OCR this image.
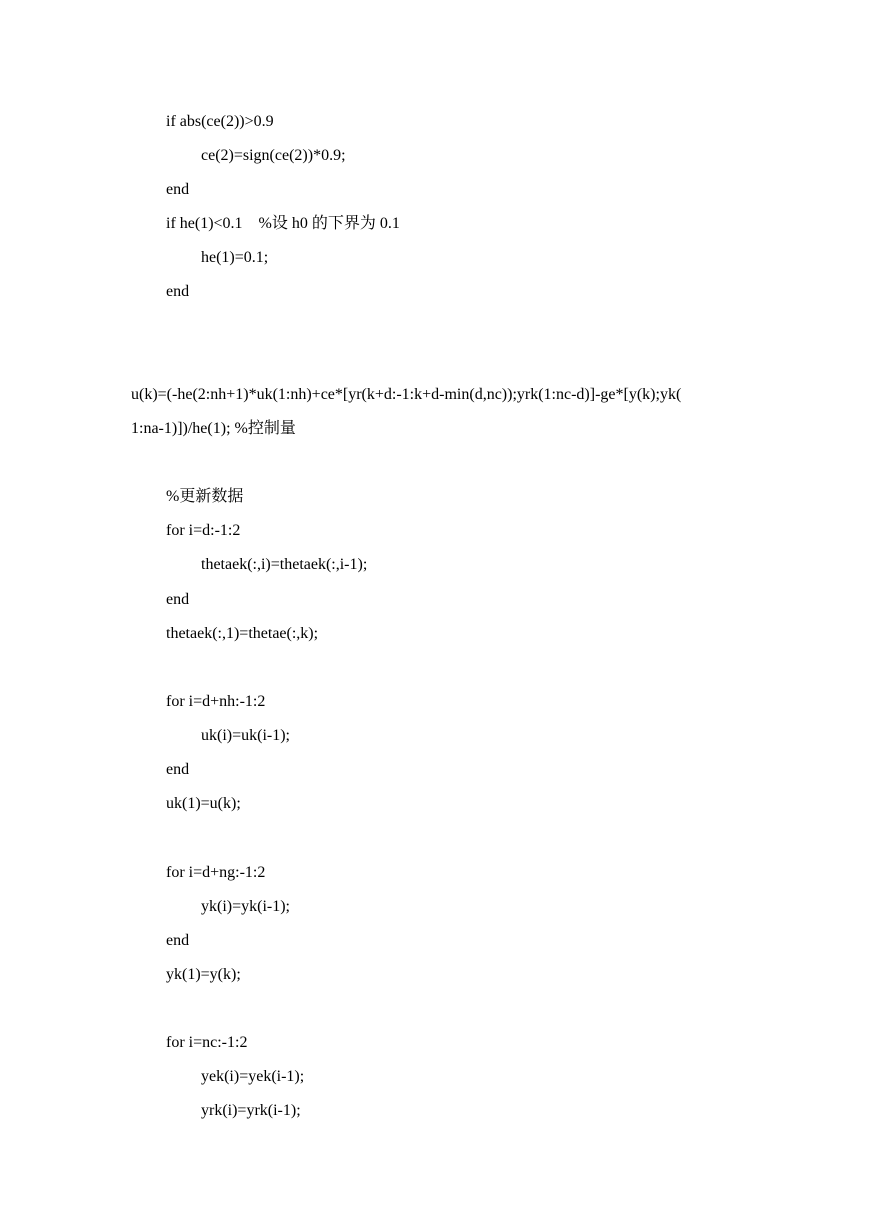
if abs(ce(2))>0.9
ce(2)=sign(ce(2))*0.9;
end
if he(1)<0.1    %设 h0 的下界为 0.1
he(1)=0.1;
end
u(k)=(-he(2:nh+1)*uk(1:nh)+ce*[yr(k+d:-1:k+d-min(d,nc));yrk(1:nc-d)]-ge*[y(k);yk(
1:na-1)])/he(1); %控制量
%更新数据
for i=d:-1:2
thetaek(:,i)=thetaek(:,i-1);
end
thetaek(:,1)=thetae(:,k);
for i=d+nh:-1:2
uk(i)=uk(i-1);
end
uk(1)=u(k);
for i=d+ng:-1:2
yk(i)=yk(i-1);
end
yk(1)=y(k);
for i=nc:-1:2
yek(i)=yek(i-1);
yrk(i)=yrk(i-1);
